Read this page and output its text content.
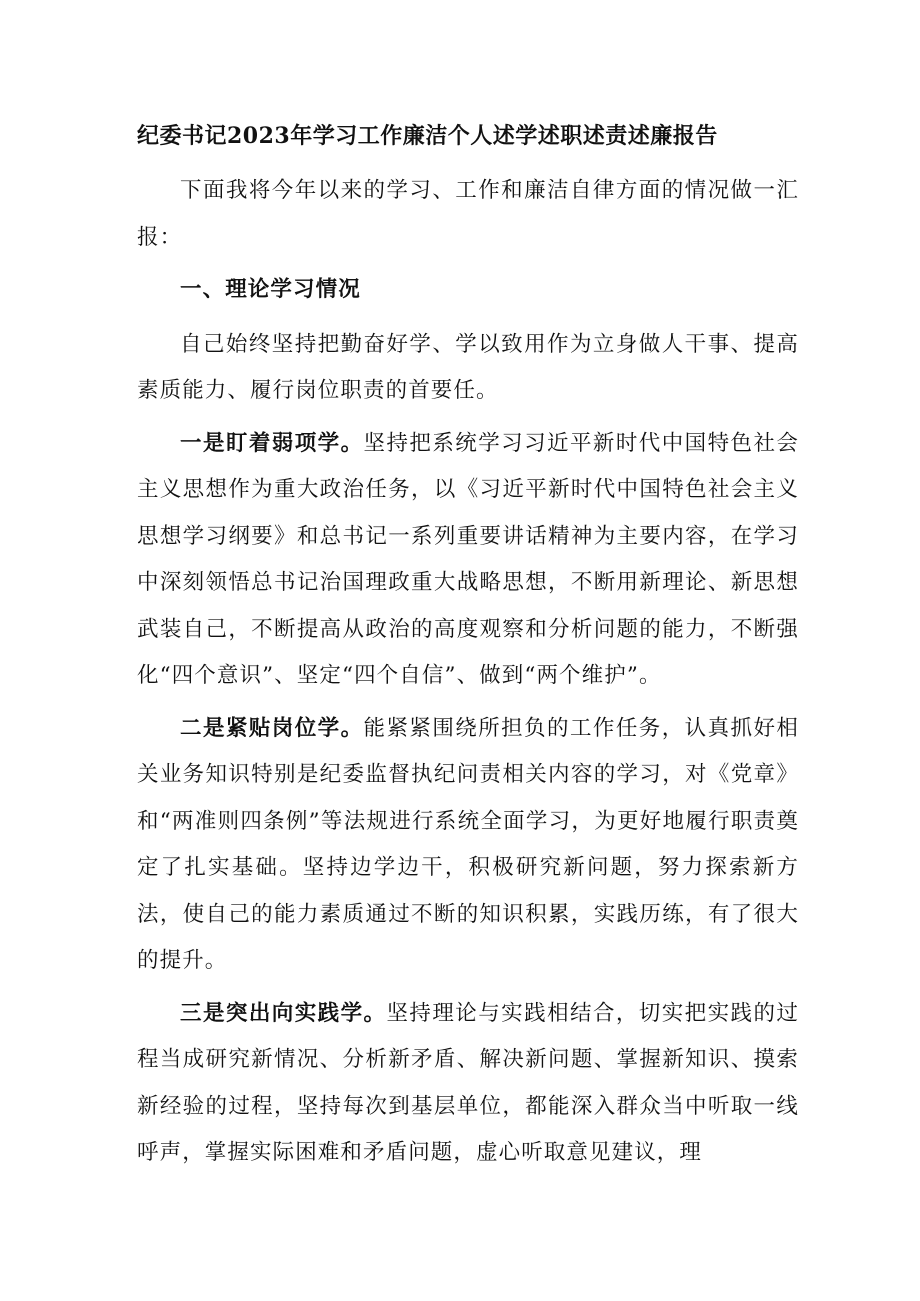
纪委书记2023年学习工作廉洁个人述学述职述责述廉报告

下面我将今年以来的学习、工作和廉洁自律方面的情况做一汇报：

一、理论学习情况

自己始终坚持把勤奋好学、学以致用作为立身做人干事、提高素质能力、履行岗位职责的首要任。

一是盯着弱项学。坚持把系统学习习近平新时代中国特色社会主义思想作为重大政治任务，以《习近平新时代中国特色社会主义思想学习纲要》和总书记一系列重要讲话精神为主要内容，在学习中深刻领悟总书记治国理政重大战略思想，不断用新理论、新思想武装自己，不断提高从政治的高度观察和分析问题的能力，不断强化“四个意识”、坚定“四个自信”、做到“两个维护”。

二是紧贴岗位学。能紧紧围绕所担负的工作任务，认真抓好相关业务知识特别是纪委监督执纪问责相关内容的学习，对《党章》和“两准则四条例”等法规进行系统全面学习，为更好地履行职责奠定了扎实基础。坚持边学边干，积极研究新问题，努力探索新方法，使自己的能力素质通过不断的知识积累，实践历练，有了很大的提升。

三是突出向实践学。坚持理论与实践相结合，切实把实践的过程当成研究新情况、分析新矛盾、解决新问题、掌握新知识、摸索新经验的过程，坚持每次到基层单位，都能深入群众当中听取一线呼声，掌握实际困难和矛盾问题，虚心听取意见建议，理
